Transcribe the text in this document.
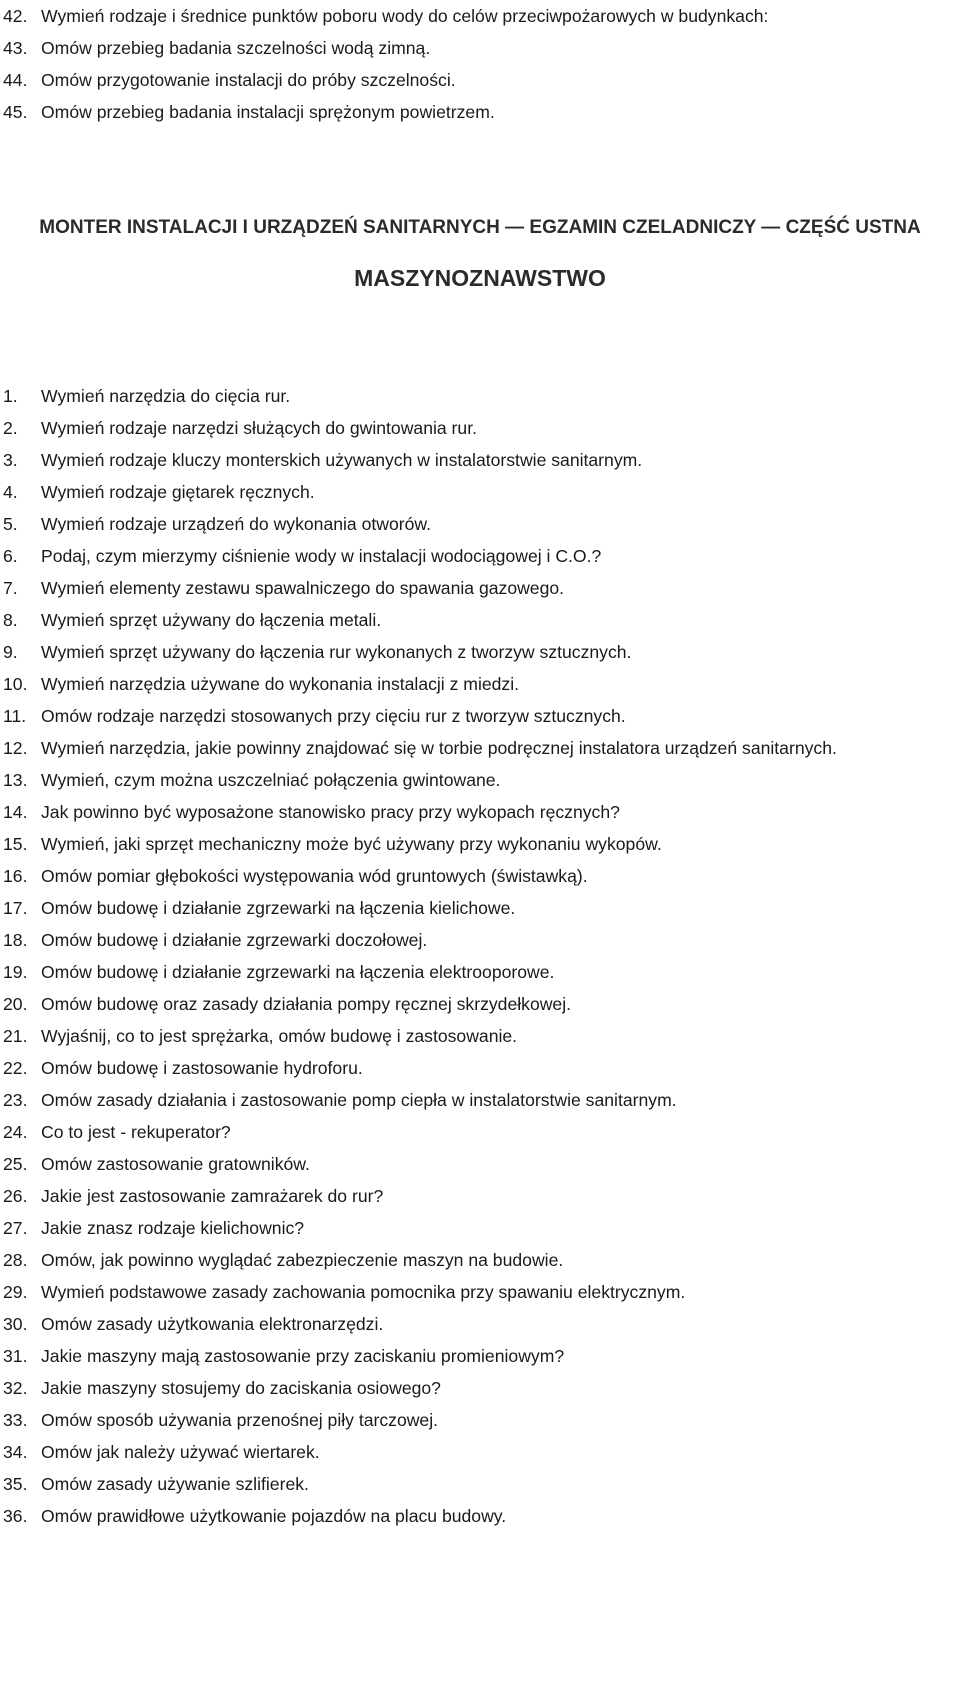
42. Wymień rodzaje i średnice punktów poboru wody do celów przeciwpożarowych w budynkach:
43. Omów przebieg badania szczelności wodą zimną.
44. Omów przygotowanie instalacji do próby szczelności.
45. Omów przebieg badania instalacji sprężonym powietrzem.
MONTER INSTALACJI I URZĄDZEŃ SANITARNYCH — EGZAMIN CZELADNICZY — CZĘŚĆ USTNA
MASZYNOZNAWSTWO
1. Wymień narzędzia do cięcia rur.
2. Wymień rodzaje narzędzi służących do gwintowania rur.
3. Wymień rodzaje kluczy monterskich używanych w instalatorstwie sanitarnym.
4. Wymień rodzaje giętarek ręcznych.
5. Wymień rodzaje urządzeń do wykonania otworów.
6. Podaj, czym mierzymy ciśnienie wody w instalacji wodociągowej i C.O.?
7. Wymień elementy zestawu spawalniczego do spawania gazowego.
8. Wymień sprzęt używany do łączenia metali.
9. Wymień sprzęt używany do łączenia rur wykonanych z tworzyw sztucznych.
10. Wymień narzędzia używane do wykonania instalacji z miedzi.
11. Omów rodzaje narzędzi stosowanych przy cięciu rur z tworzyw sztucznych.
12. Wymień narzędzia, jakie powinny znajdować się w torbie podręcznej instalatora urządzeń sanitarnych.
13. Wymień, czym można uszczelniać połączenia gwintowane.
14. Jak powinno być wyposażone stanowisko pracy przy wykopach ręcznych?
15. Wymień, jaki sprzęt mechaniczny może być używany przy wykonaniu wykopów.
16. Omów pomiar głębokości występowania wód gruntowych (świstawką).
17. Omów budowę i działanie zgrzewarki na łączenia kielichowe.
18. Omów budowę i działanie zgrzewarki doczołowej.
19. Omów budowę i działanie zgrzewarki na łączenia elektrooporowe.
20. Omów budowę oraz zasady działania pompy ręcznej skrzydełkowej.
21. Wyjaśnij, co to jest sprężarka, omów budowę i zastosowanie.
22. Omów budowę i zastosowanie hydroforu.
23. Omów zasady działania i zastosowanie pomp ciepła w instalatorstwie sanitarnym.
24. Co to jest - rekuperator?
25. Omów zastosowanie gratowników.
26. Jakie jest zastosowanie zamrażarek do rur?
27. Jakie znasz rodzaje kielichownic?
28. Omów, jak powinno wyglądać zabezpieczenie maszyn na budowie.
29. Wymień podstawowe zasady zachowania pomocnika przy spawaniu elektrycznym.
30. Omów zasady użytkowania elektronarzędzi.
31. Jakie maszyny mają zastosowanie przy zaciskaniu promieniowym?
32. Jakie maszyny stosujemy do zaciskania osiowego?
33. Omów sposób używania przenośnej piły tarczowej.
34. Omów jak należy używać wiertarek.
35. Omów zasady używanie szlifierek.
36. Omów prawidłowe użytkowanie pojazdów na placu budowy.
